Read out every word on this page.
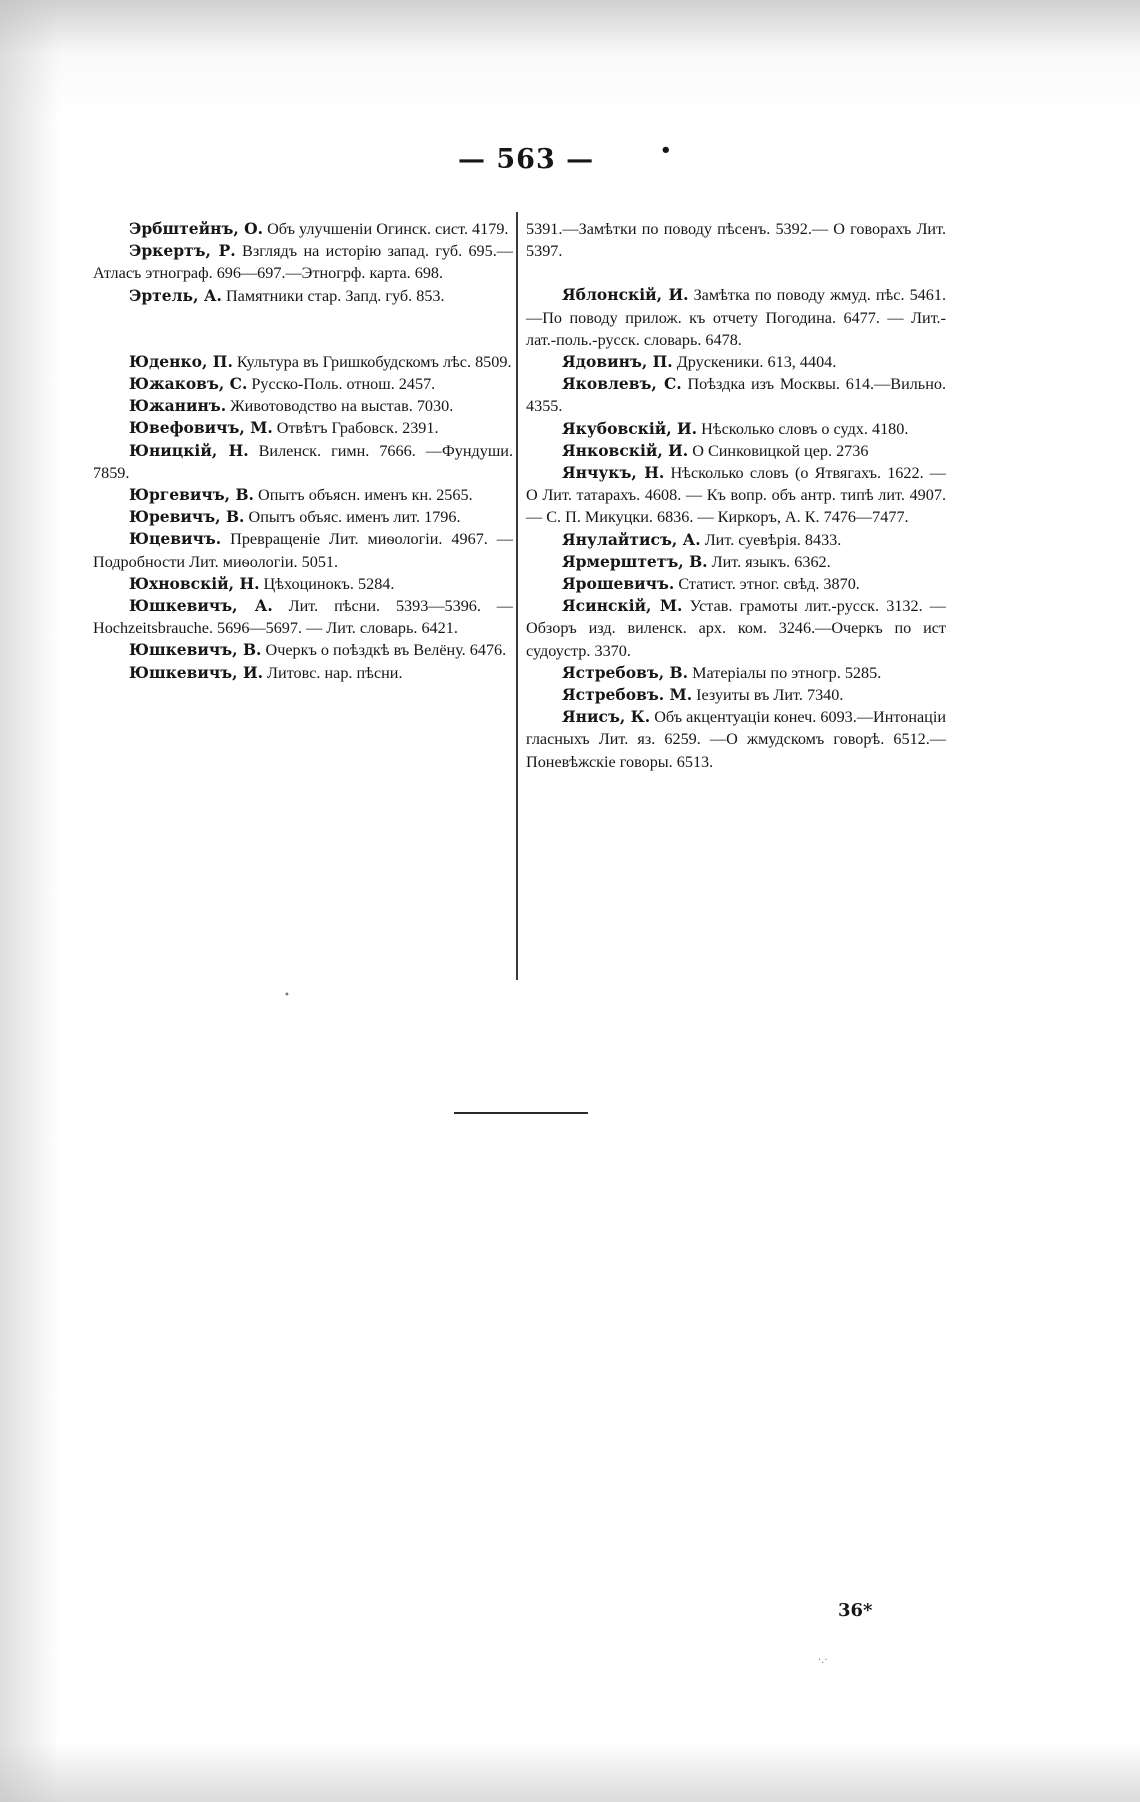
— 563 —	•

Эрбштейнъ, О. Объ улучшеніи Огинск. сист. 4179.

Эркертъ, Р. Взглядъ на исторію запад. губ. 695.—Атласъ этнограф. 696—697.—Этногрф. карта. 698.

Эртель, А. Памятники стар. Запд. губ. 853.

Юденко, П. Культура въ Гришкобудскомъ лѣс. 8509.

Южаковъ, С. Русско-Поль. отнош. 2457.

Южанинъ. Животоводство на выстав. 7030.

Ювефовичъ, М. Отвѣтъ Грабовск. 2391.

Юницкій, Н. Виленск. гимн. 7666. —Фундуши. 7859.

Юргевичъ, В. Опытъ объясн. именъ кн. 2565.

Юревичъ, В. Опытъ объяс. именъ лит. 1796.

Юцевичъ. Превращеніе Лит. миѳологіи. 4967. — Подробности Лит. миѳологіи. 5051.

Юхновскій, Н. Цѣхоцинокъ. 5284.

Юшкевичъ, А. Лит. пѣсни. 5393—5396. — Hochzeitsbrauche. 5696—5697. — Лит. словарь. 6421.

Юшкевичъ, В. Очеркъ о поѣздкѣ въ Велёну. 6476.

Юшкевичъ, И. Литовс. нар. пѣсни.

5391.—Замѣтки по поводу пѣсенъ. 5392.— О говорахъ Лит. 5397.

Яблонскій, И. Замѣтка по поводу жмуд. пѣс. 5461.—По поводу прилож. къ отчету Погодина. 6477. — Лит.-лат.-поль.-русск. словарь. 6478.

Ядовинъ, П. Друскеники. 613, 4404.

Яковлевъ, С. Поѣздка изъ Москвы. 614.—Вильно. 4355.

Якубовскій, И. Нѣсколько словъ о судх. 4180.

Янковскій, И. О Синковицкой цер. 2736

Янчукъ, Н. Нѣсколько словъ (о Ятвягахъ. 1622. — О Лит. татарахъ. 4608. — Къ вопр. объ антр. типѣ лит. 4907.— С. П. Микуцки. 6836. — Киркоръ, А. К. 7476—7477.

Янулайтисъ, А. Лит. суевѣрія. 8433.

Ярмерштетъ, В. Лит. языкъ. 6362.

Ярошевичъ. Статист. этног. свѣд. 3870.

Ясинскій, М. Устав. грамоты лит.-русск. 3132. — Обзоръ изд. виленск. арх. ком. 3246.—Очеркъ по ист судоустр. 3370.

Ястребовъ, В. Матеріалы по этногр. 5285.

Ястребовъ. М. Іезуиты въ Лит. 7340.

Янисъ, К. Объ акцентуаціи конеч. 6093.—Интонаціи гласныхъ Лит. яз. 6259. —О жмудскомъ говорѣ. 6512.— Поневѣжскіе говоры. 6513.

36*
•
·.·
